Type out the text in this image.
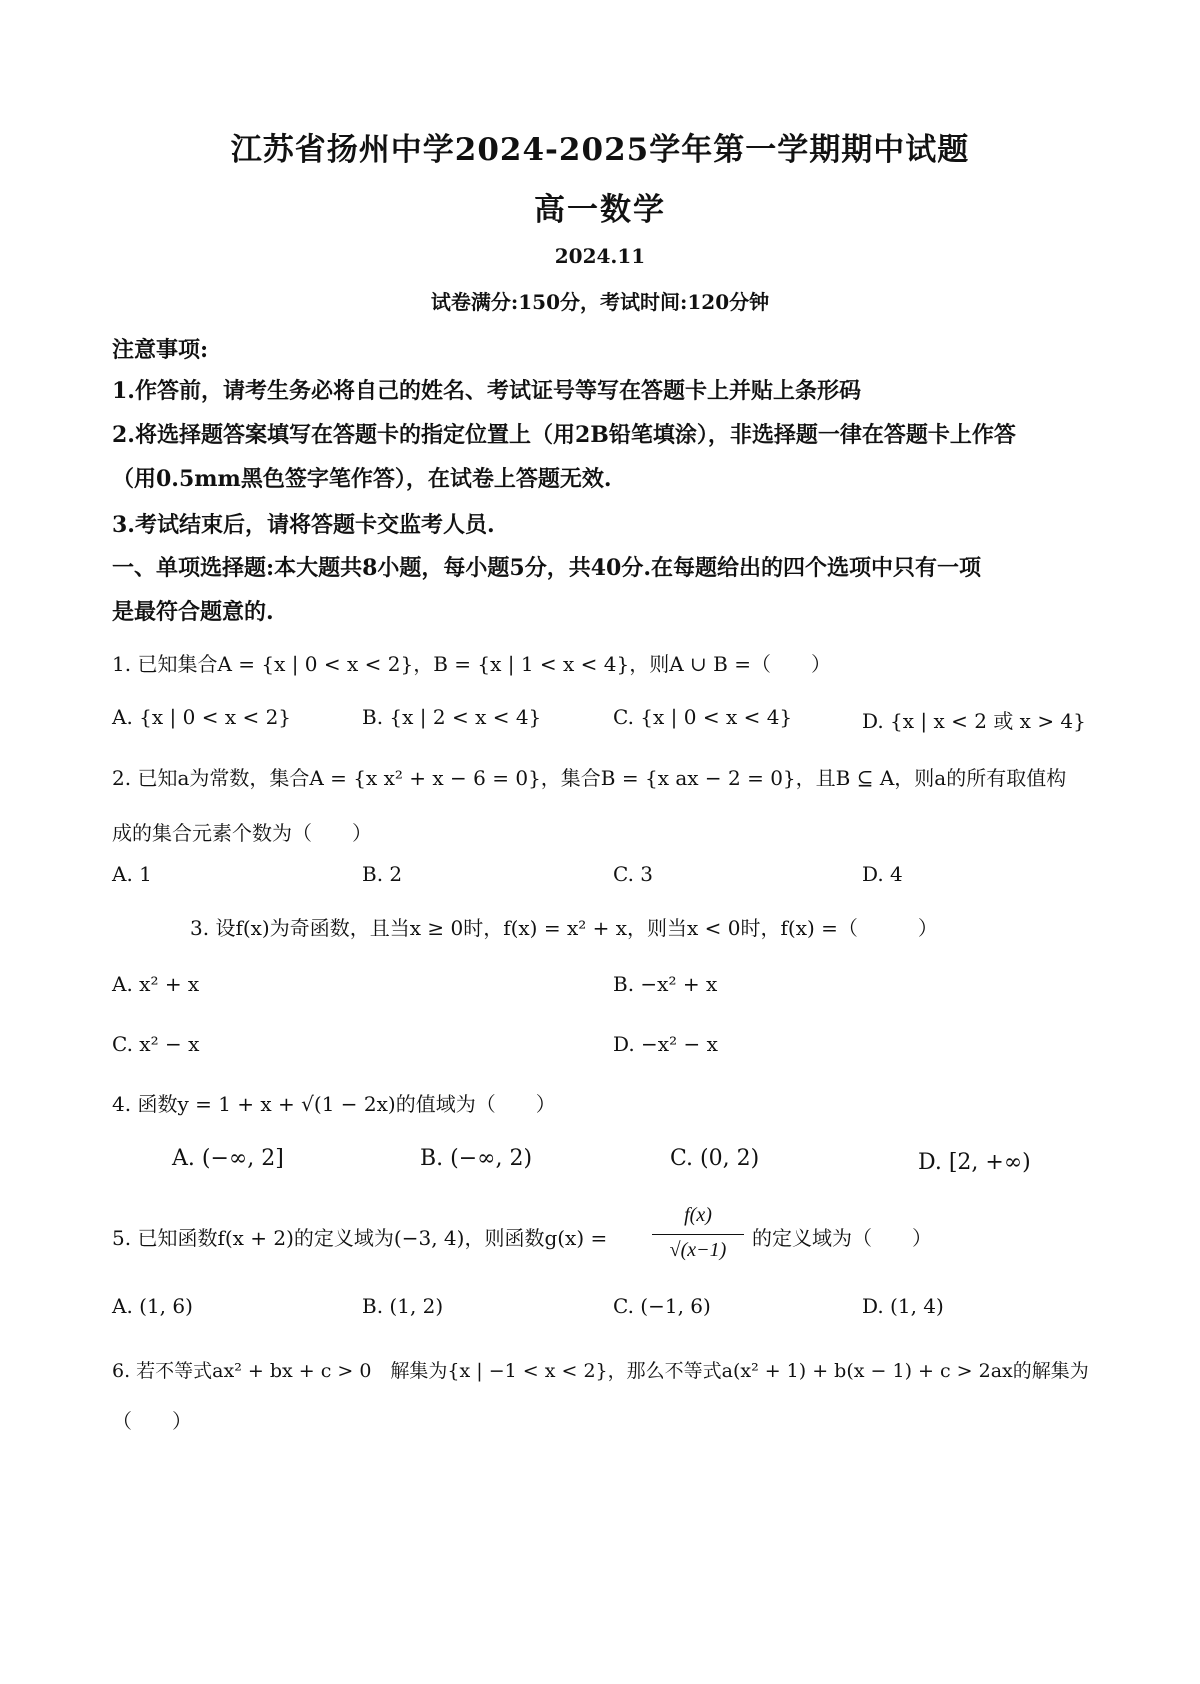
江苏省扬州中学2024-2025学年第一学期期中试题
高一数学
2024.11
试卷满分:150分，考试时间:120分钟
注意事项:
1.作答前，请考生务必将自己的姓名、考试证号等写在答题卡上并贴上条形码
2.将选择题答案填写在答题卡的指定位置上（用2B铅笔填涂），非选择题一律在答题卡上作答
（用0.5mm黑色签字笔作答），在试卷上答题无效.
3.考试结束后，请将答题卡交监考人员.
一、单项选择题:本大题共8小题，每小题5分，共40分.在每题给出的四个选项中只有一项
是最符合题意的.
1. 已知集合A = {x | 0 < x < 2}，B = {x | 1 < x < 4}，则A ∪ B =（　　）
A. {x | 0 < x < 2}	B. {x | 2 < x < 4}	C. {x | 0 < x < 4}	D. {x | x < 2 或 x > 4}
2. 已知a为常数，集合A = {x x² + x − 6 = 0}，集合B = {x ax − 2 = 0}，且B ⊆ A，则a的所有取值构
成的集合元素个数为（　　）
A. 1	B. 2	C. 3	D. 4
3. 设f(x)为奇函数，且当x ≥ 0时，f(x) = x² + x，则当x < 0时，f(x) =（　　　）
A. x² + x	B. −x² + x
C. x² − x	D. −x² − x
4. 函数y = 1 + x + √(1 − 2x)的值域为（　　）
A. (−∞, 2]	B. (−∞, 2)	C. (0, 2)	D. [2, +∞)
5. 已知函数f(x + 2)的定义域为(−3, 4)，则函数g(x) =
f(x)
√(x−1)	的定义域为（　　）
A. (1, 6)	B. (1, 2)	C. (−1, 6)	D. (1, 4)
6. 若不等式ax² + bx + c > 0　解集为{x | −1 < x < 2}，那么不等式a(x² + 1) + b(x − 1) + c > 2ax的解集为
（　　）
